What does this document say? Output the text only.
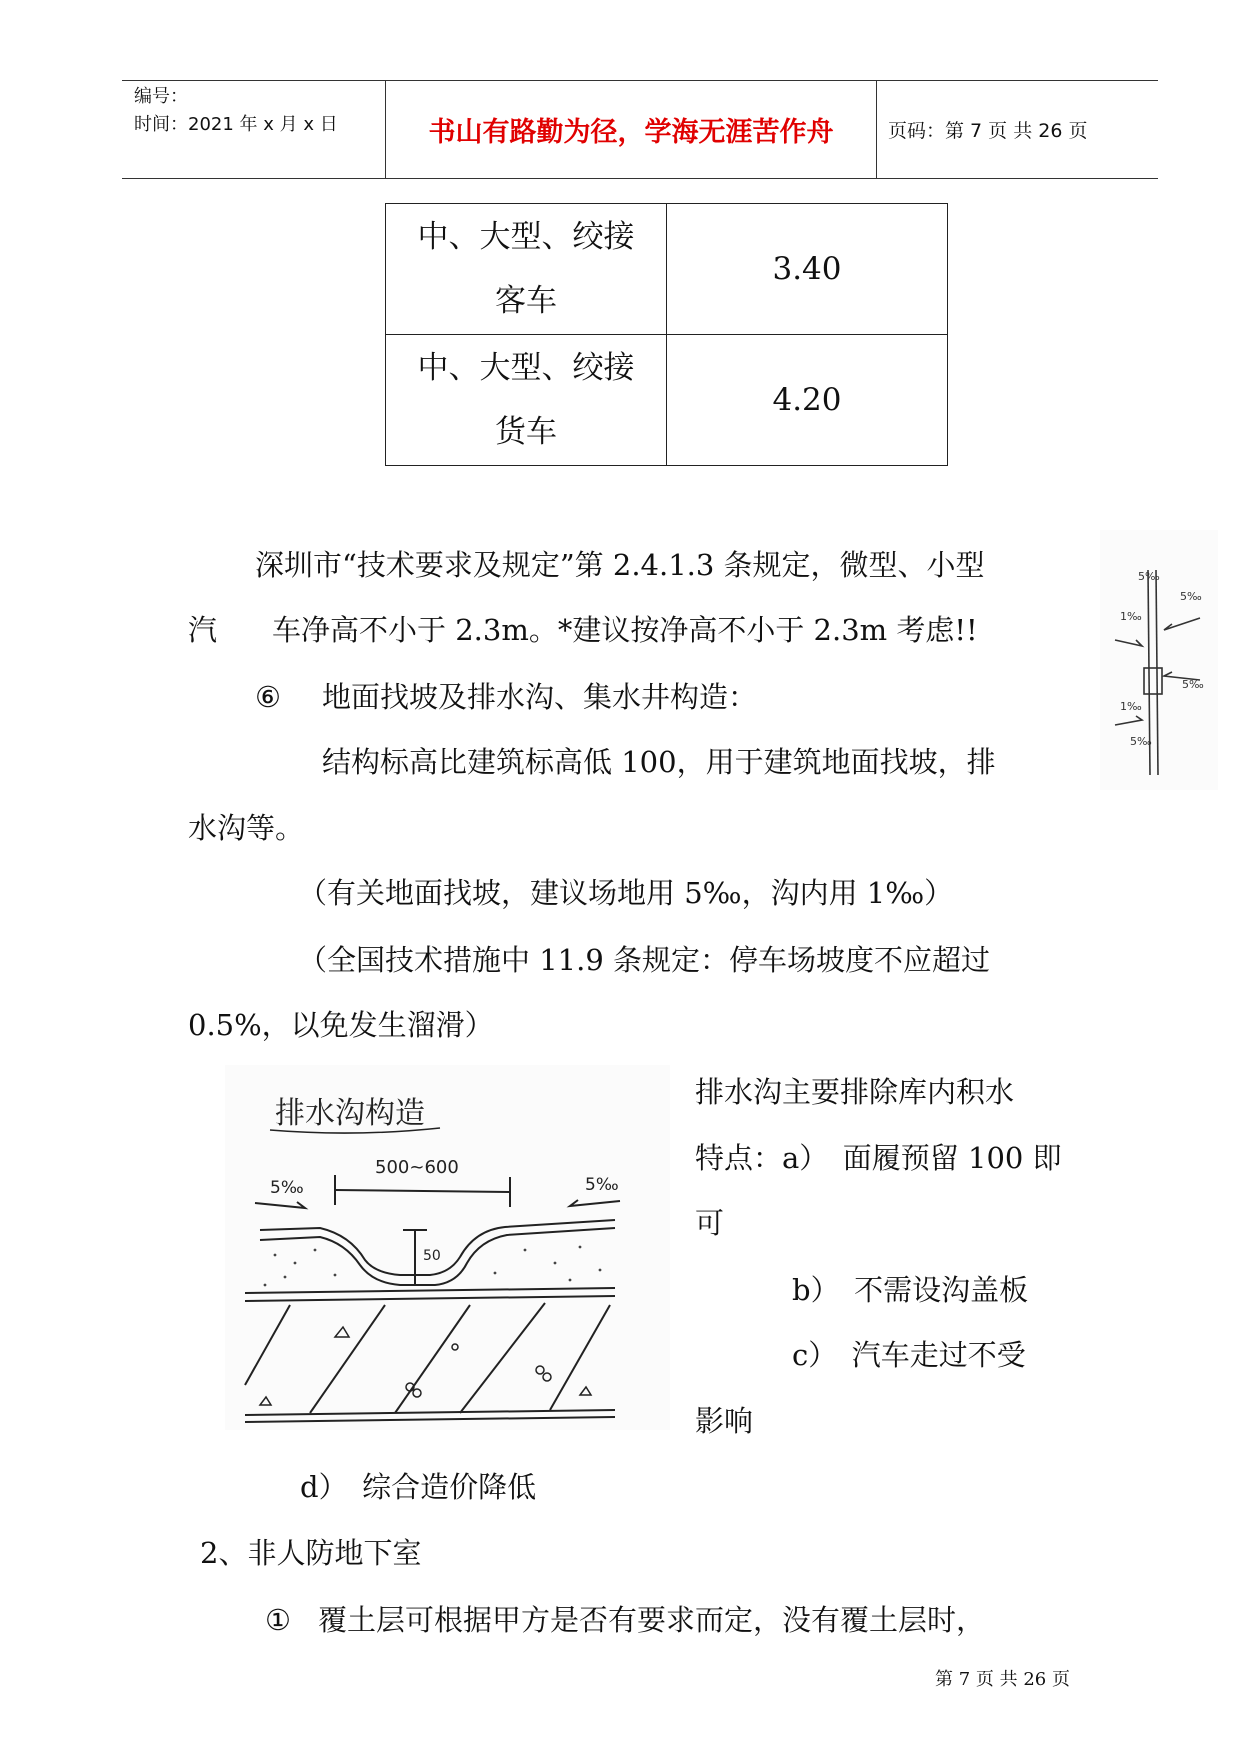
编号：
时间：2021 年 x 月 x 日	书山有路勤为径，学海无涯苦作舟	页码：第 7 页 共 26 页
中、大型、绞接
客车	3.40

中、大型、绞接
货车	4.20
深圳市“技术要求及规定”第 2.4.1.3 条规定，微型、小型
汽 车净高不小于 2.3m。*建议按净高不小于 2.3m 考虑!!
⑥ 地面找坡及排水沟、集水井构造：
结构标高比建筑标高低 100，用于建筑地面找坡，排
水沟等。
（有关地面找坡，建议场地用 5‰，沟内用 1‰）
（全国技术措施中 11.9 条规定：停车场坡度不应超过
0.5%，以免发生溜滑）
排水沟主要排除库内积水
特点：a）　面履预留 100 即
可
b）　不需设沟盖板
c）　汽车走过不受
影响
d）　综合造价降低
2、非人防地下室
① 覆土层可根据甲方是否有要求而定，没有覆土层时，
排水沟构造
500~600
5‰	5‰
50
5‰
5‰
5‰
5‰
1‰
1‰
第 7 页 共 26 页
